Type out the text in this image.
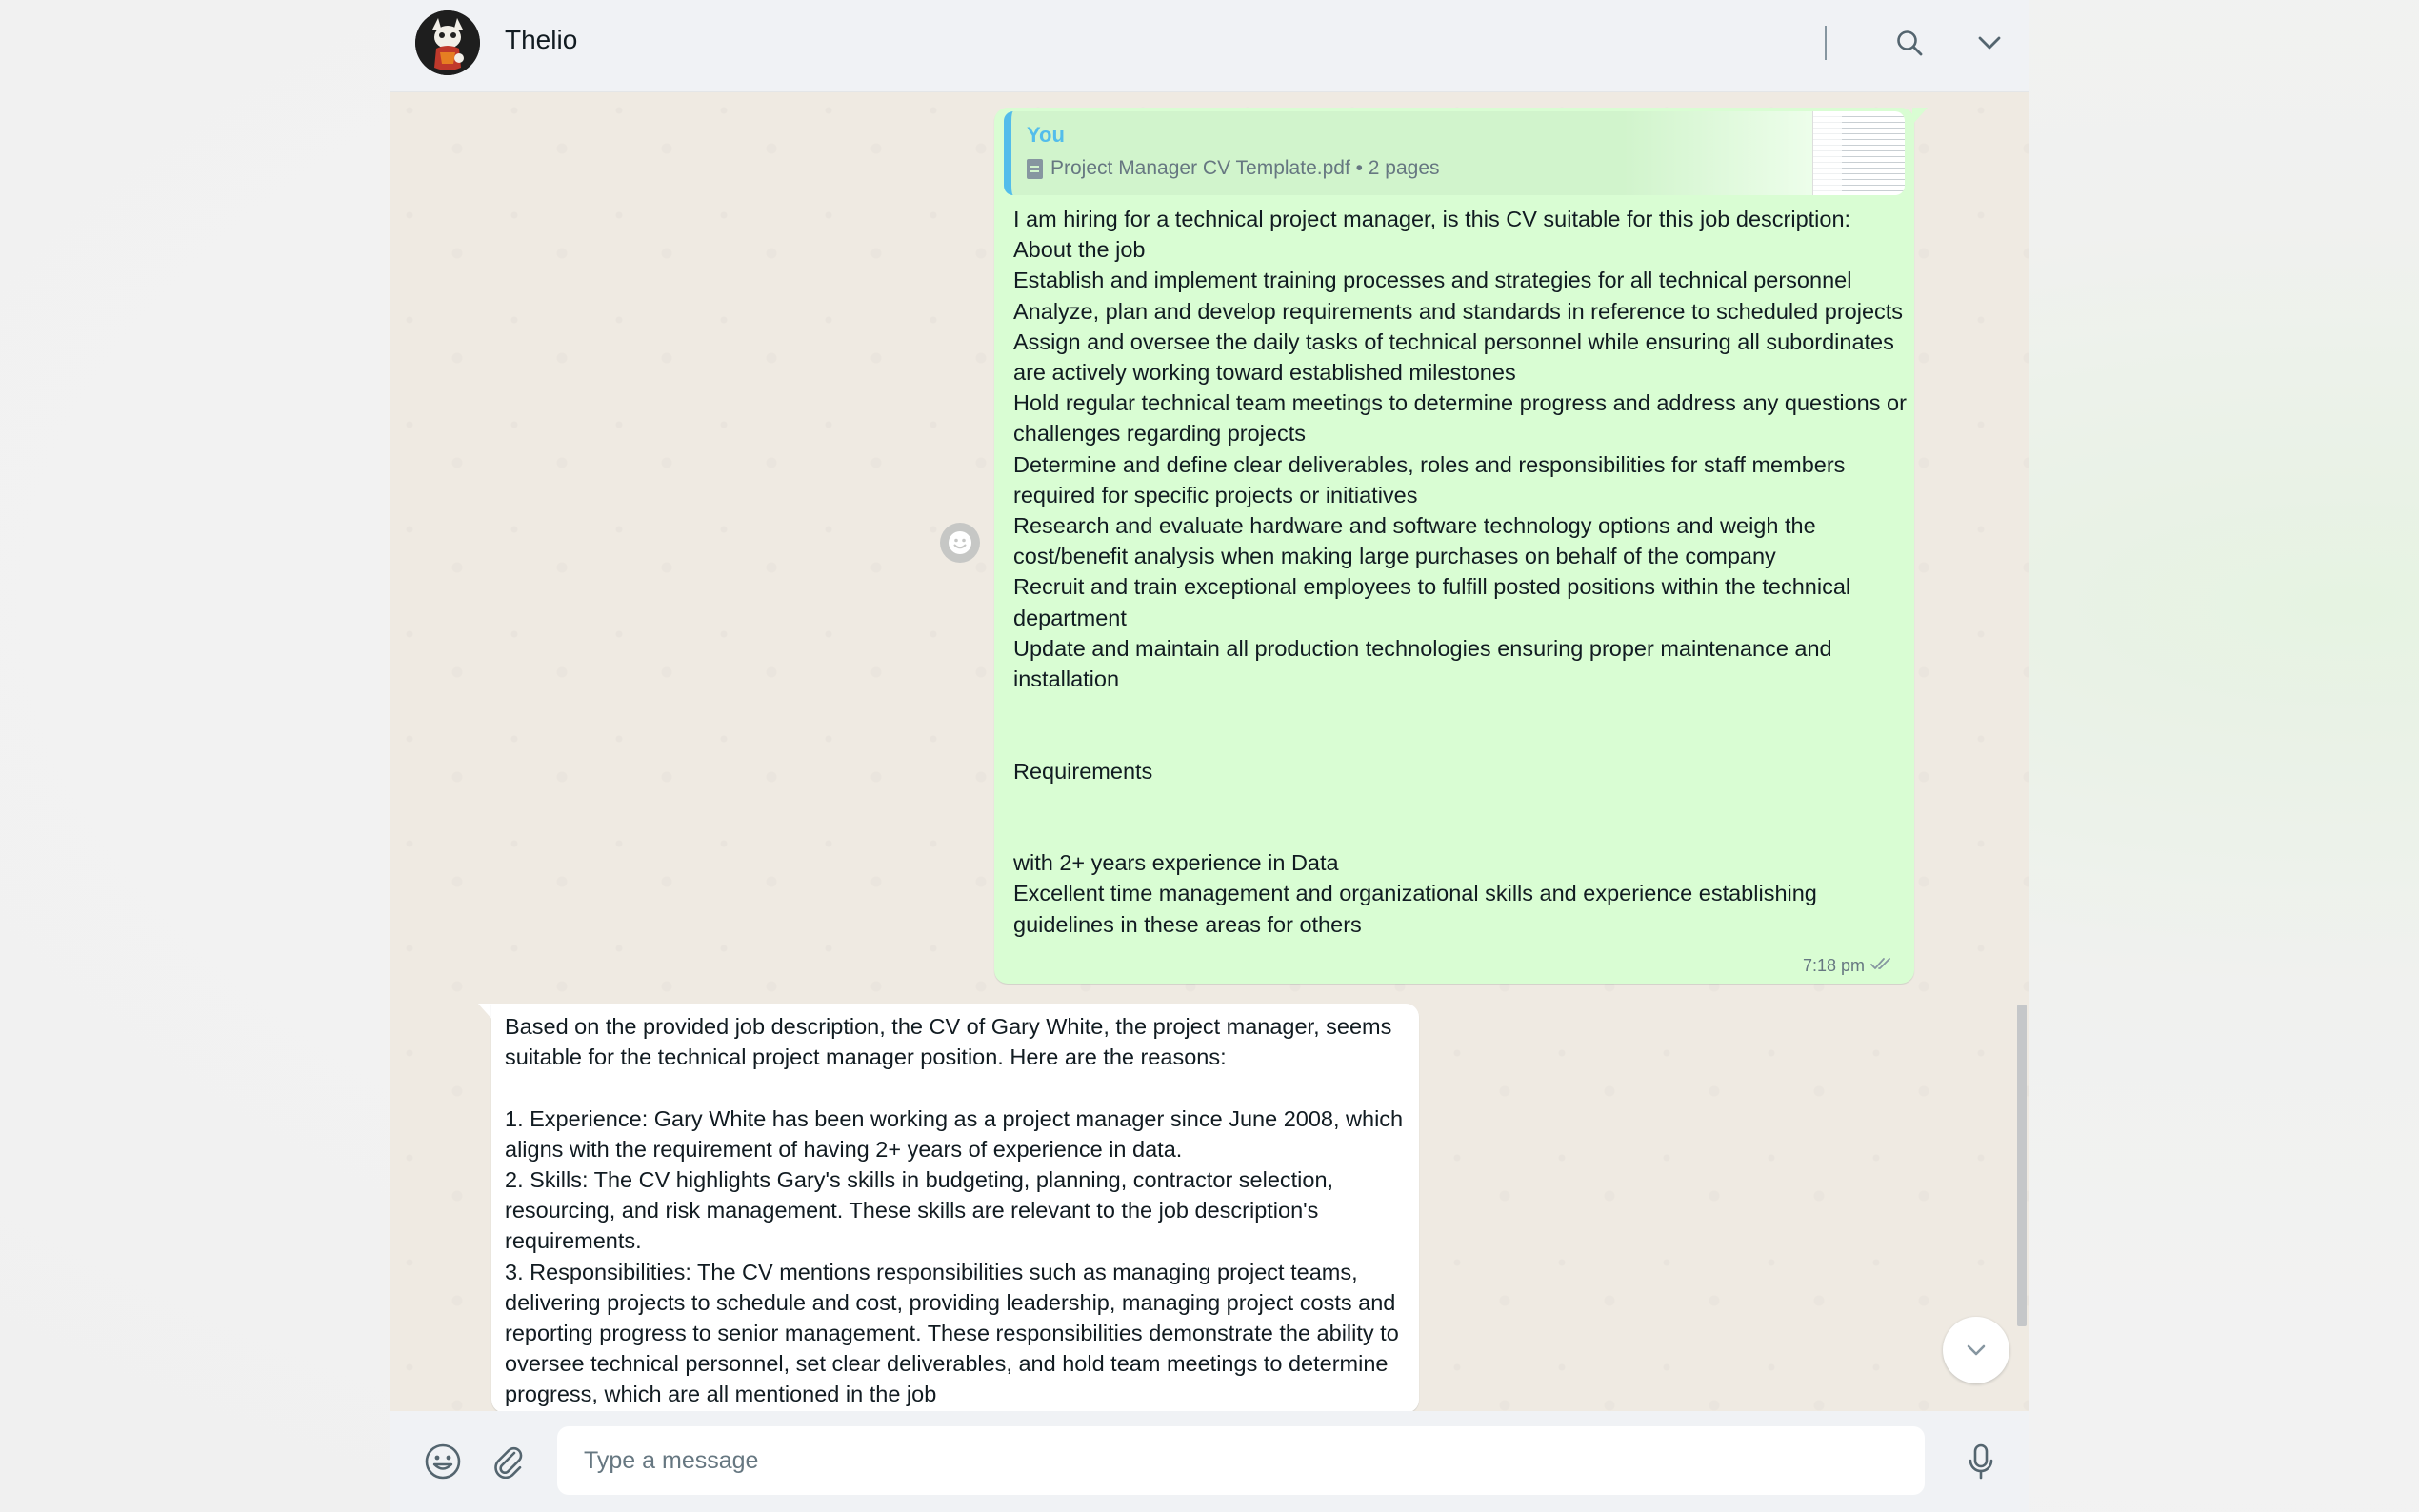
Thelio
You
Project Manager CV Template.pdf • 2 pages
I am hiring for a technical project manager, is this CV suitable for this job description:
About the job
Establish and implement training processes and strategies for all technical personnel
Analyze, plan and develop requirements and standards in reference to scheduled projects
Assign and oversee the daily tasks of technical personnel while ensuring all subordinates are actively working toward established milestones
Hold regular technical team meetings to determine progress and address any questions or challenges regarding projects
Determine and define clear deliverables, roles and responsibilities for staff members required for specific projects or initiatives
Research and evaluate hardware and software technology options and weigh the cost/benefit analysis when making large purchases on behalf of the company
Recruit and train exceptional employees to fulfill posted positions within the technical department
Update and maintain all production technologies ensuring proper maintenance and installation

Requirements

with 2+ years experience in Data
Excellent time management and organizational skills and experience establishing guidelines in these areas for others
7:18 pm
Based on the provided job description, the CV of Gary White, the project manager, seems suitable for the technical project manager position. Here are the reasons:

1. Experience: Gary White has been working as a project manager since June 2008, which aligns with the requirement of having 2+ years of experience in data.
2. Skills: The CV highlights Gary's skills in budgeting, planning, contractor selection, resourcing, and risk management. These skills are relevant to the job description's requirements.
3. Responsibilities: The CV mentions responsibilities such as managing project teams, delivering projects to schedule and cost, providing leadership, managing project costs and reporting progress to senior management. These responsibilities demonstrate the ability to oversee technical personnel, set clear deliverables, and hold team meetings to determine progress, which are all mentioned in the job
Type a message
